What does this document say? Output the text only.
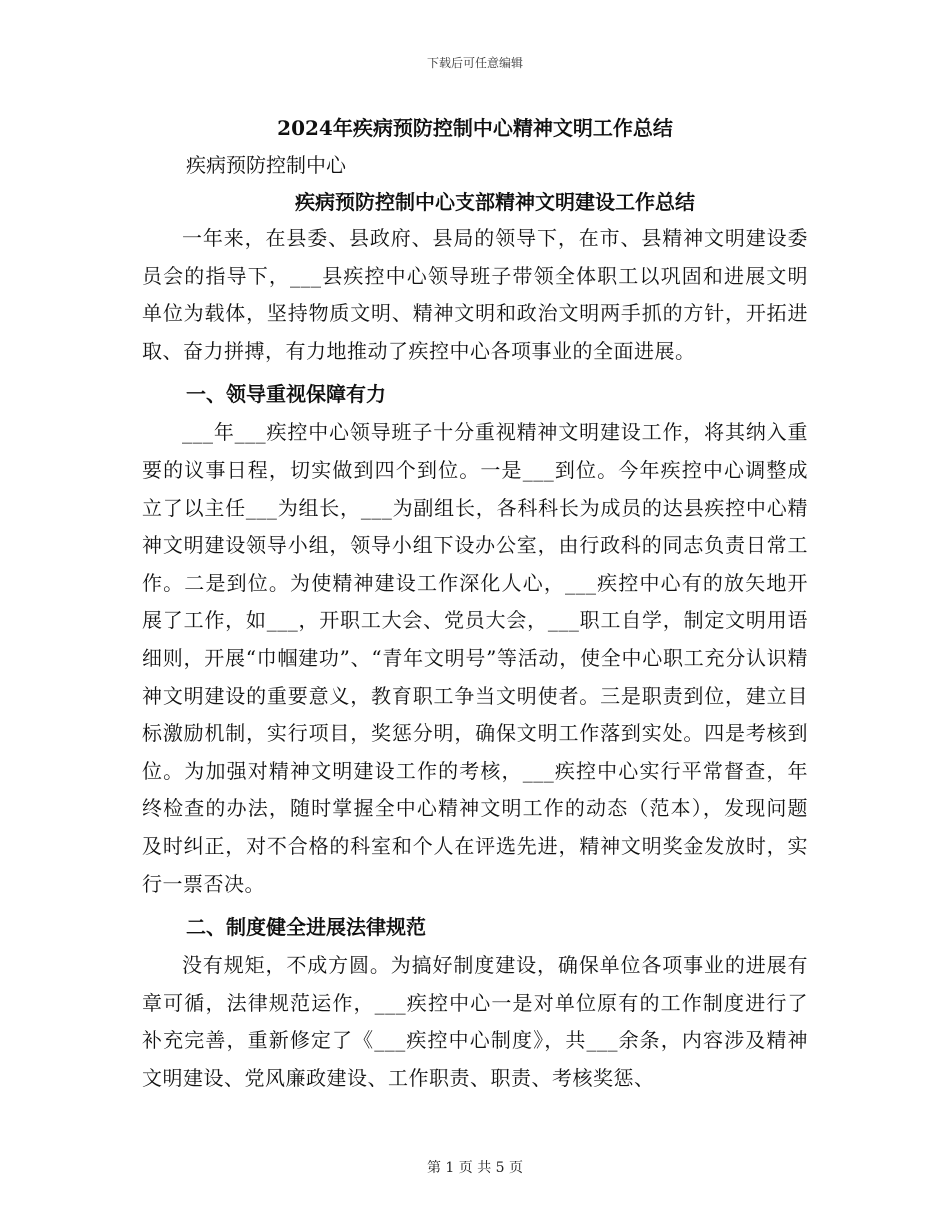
下载后可任意编辑
2024年疾病预防控制中心精神文明工作总结

疾病预防控制中心

疾病预防控制中心支部精神文明建设工作总结

一年来，在县委、县政府、县局的领导下，在市、县精神文明建设委员会的指导下，___县疾控中心领导班子带领全体职工以巩固和进展文明单位为载体，坚持物质文明、精神文明和政治文明两手抓的方针，开拓进取、奋力拼搏，有力地推动了疾控中心各项事业的全面进展。

一、领导重视保障有力

___年___疾控中心领导班子十分重视精神文明建设工作，将其纳入重要的议事日程，切实做到四个到位。一是___到位。今年疾控中心调整成立了以主任___为组长，___为副组长，各科科长为成员的达县疾控中心精神文明建设领导小组，领导小组下设办公室，由行政科的同志负责日常工作。二是到位。为使精神建设工作深化人心，___疾控中心有的放矢地开展了工作，如___，开职工大会、党员大会，___职工自学，制定文明用语细则，开展“巾帼建功”、“青年文明号”等活动，使全中心职工充分认识精神文明建设的重要意义，教育职工争当文明使者。三是职责到位，建立目标激励机制，实行项目，奖惩分明，确保文明工作落到实处。四是考核到位。为加强对精神文明建设工作的考核，___疾控中心实行平常督查，年终检查的办法，随时掌握全中心精神文明工作的动态（范本），发现问题及时纠正，对不合格的科室和个人在评选先进，精神文明奖金发放时，实行一票否决。

二、制度健全进展法律规范

没有规矩，不成方圆。为搞好制度建设，确保单位各项事业的进展有章可循，法律规范运作，___疾控中心一是对单位原有的工作制度进行了补充完善，重新修定了《___疾控中心制度》，共___余条，内容涉及精神文明建设、党风廉政建设、工作职责、职责、考核奖惩、

第 1 页 共 5 页
